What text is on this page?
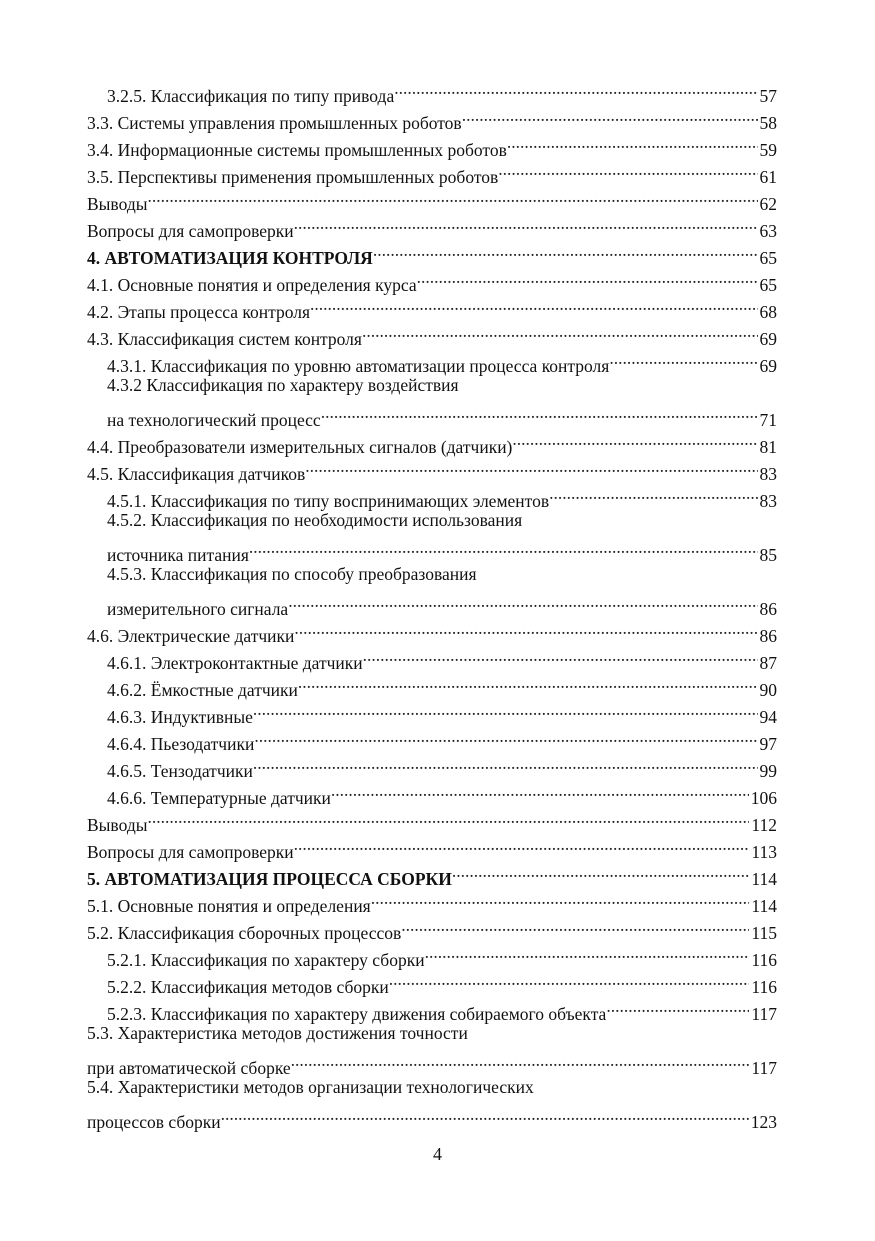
3.2.5. Классификация по типу привода .....	57
3.3. Системы управления промышленных роботов .....	58
3.4. Информационные системы промышленных роботов .....	59
3.5. Перспективы применения промышленных роботов .....	61
Выводы .....	62
Вопросы для самопроверки .....	63
4. АВТОМАТИЗАЦИЯ КОНТРОЛЯ .....	65
4.1. Основные понятия и определения курса .....	65
4.2. Этапы процесса контроля .....	68
4.3. Классификация систем контроля .....	69
4.3.1. Классификация по уровню автоматизации процесса контроля .....	69
4.3.2 Классификация по характеру воздействия
на технологический процесс .....	71
4.4. Преобразователи измерительных сигналов (датчики) .....	81
4.5. Классификация датчиков .....	83
4.5.1. Классификация по типу воспринимающих элементов .....	83
4.5.2. Классификация по необходимости использования
источника питания .....	85
4.5.3. Классификация по способу преобразования
измерительного сигнала .....	86
4.6. Электрические датчики .....	86
4.6.1. Электроконтактные датчики .....	87
4.6.2. Ёмкостные датчики .....	90
4.6.3. Индуктивные .....	94
4.6.4. Пьезодатчики .....	97
4.6.5. Тензодатчики .....	99
4.6.6. Температурные датчики .....	106
Выводы .....	112
Вопросы для самопроверки .....	113
5. АВТОМАТИЗАЦИЯ ПРОЦЕССА СБОРКИ .....	114
5.1. Основные понятия и определения .....	114
5.2. Классификация сборочных процессов .....	115
5.2.1. Классификация по характеру сборки .....	116
5.2.2. Классификация методов сборки .....	116
5.2.3. Классификация по характеру движения собираемого объекта .....	117
5.3. Характеристика методов достижения точности
при автоматической сборке .....	117
5.4. Характеристики методов организации технологических
процессов сборки .....	123
4
